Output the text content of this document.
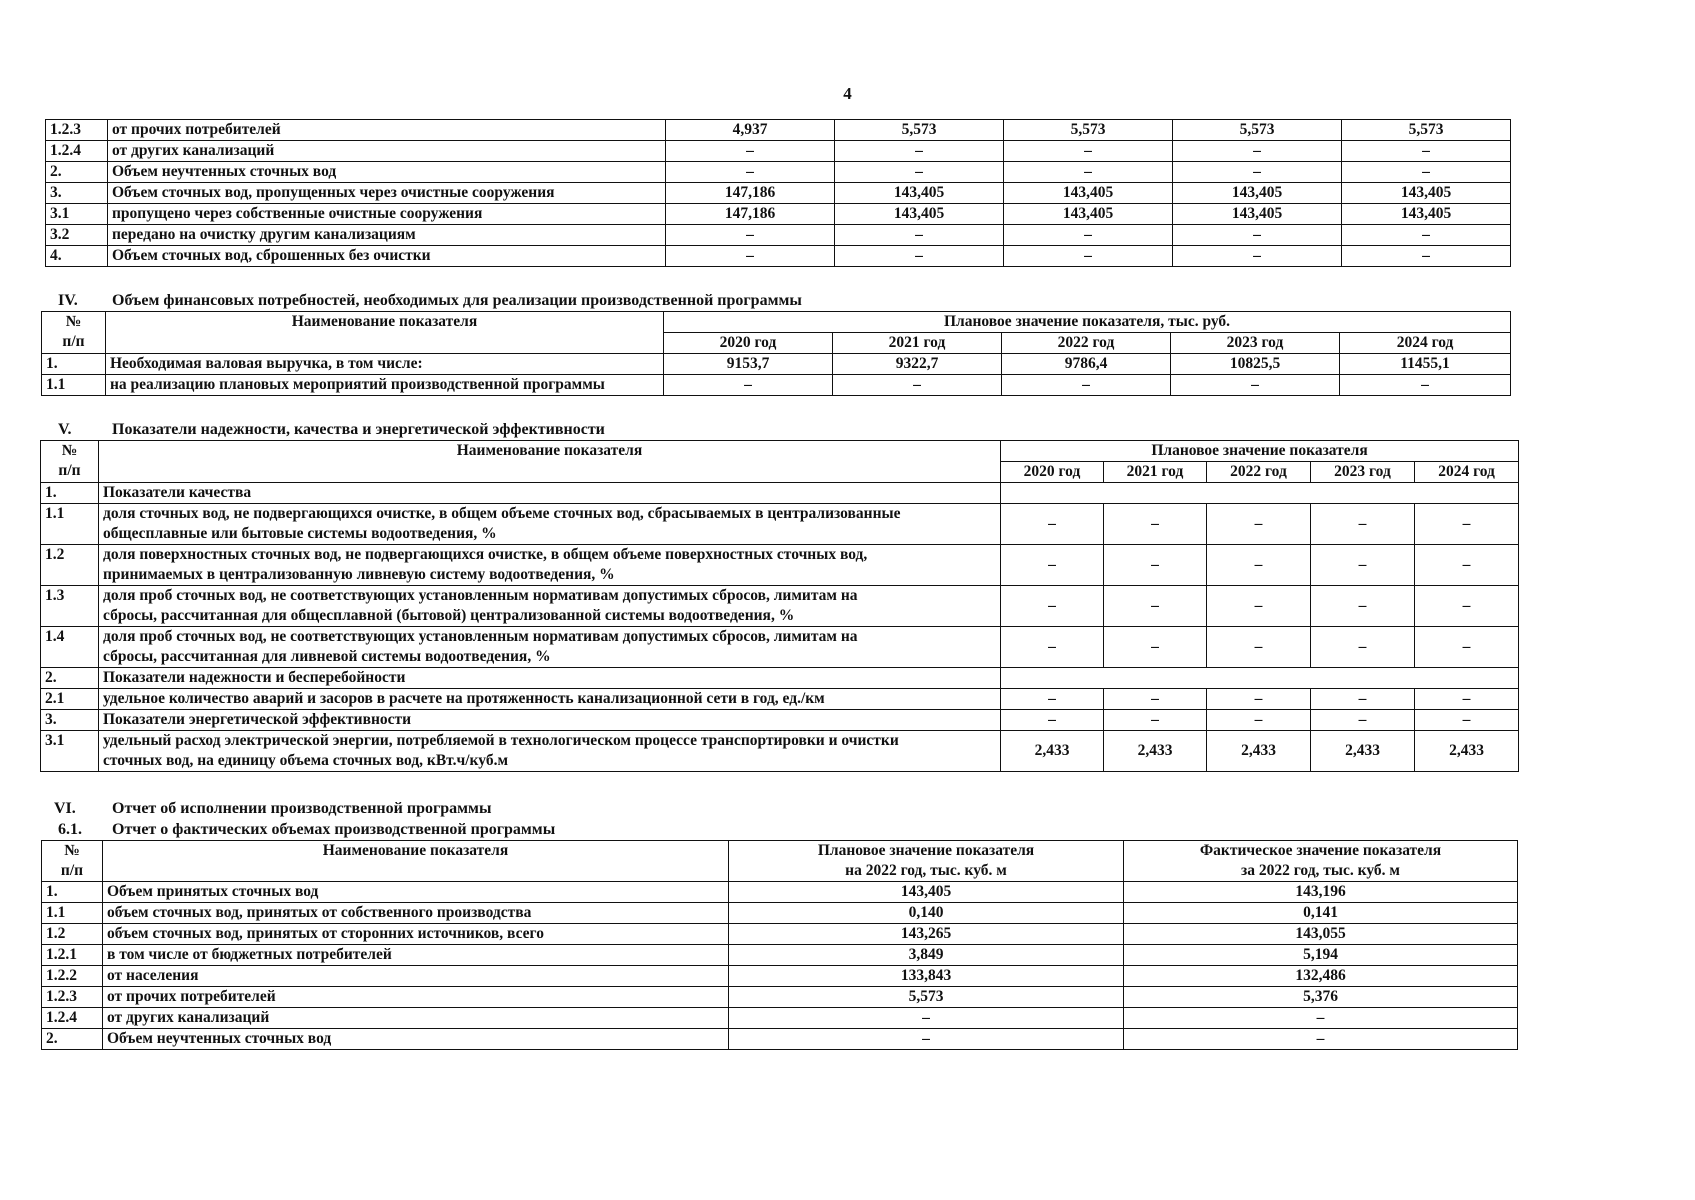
4
1.2.3	от прочих потребителей	4,937	5,573	5,573	5,573	5,573
1.2.4	от других канализаций	–	–	–	–	–
2.	Объем неучтенных сточных вод	–	–	–	–	–
3.	Объем сточных вод, пропущенных через очистные сооружения	147,186	143,405	143,405	143,405	143,405
3.1	пропущено через собственные очистные сооружения	147,186	143,405	143,405	143,405	143,405
3.2	передано на очистку другим канализациям	–	–	–	–	–
4.	Объем сточных вод, сброшенных без очистки	–	–	–	–	–
IV. Объем финансовых потребностей, необходимых для реализации производственной программы
№
п/п	Наименование показателя	Плановое значение показателя, тыс. руб.				
		2020 год	2021 год	2022 год	2023 год	2024 год
1.	Необходимая валовая выручка, в том числе:	9153,7	9322,7	9786,4	10825,5	11455,1
1.1	на реализацию плановых мероприятий производственной программы	–	–	–	–	–
V.	Показатели надежности, качества и энергетической эффективности
№
п/п	Наименование показателя	Плановое значение показателя				
		2020 год	2021 год	2022 год	2023 год	2024 год
1.	Показатели качества					
1.1	доля сточных вод, не подвергающихся очистке, в общем объеме сточных вод, сбрасываемых в централизованные
общесплавные или бытовые системы водоотведения, %	–	–	–	–	–
1.2	доля поверхностных сточных вод, не подвергающихся очистке, в общем объеме поверхностных сточных вод,
принимаемых в централизованную ливневую систему водоотведения, %	–	–	–	–	–
1.3	доля проб сточных вод, не соответствующих установленным нормативам допустимых сбросов, лимитам на
сбросы, рассчитанная для общесплавной (бытовой) централизованной системы водоотведения, %	–	–	–	–	–
1.4	доля проб сточных вод, не соответствующих установленным нормативам допустимых сбросов, лимитам на
сбросы, рассчитанная для ливневой системы водоотведения, %	–	–	–	–	–
2.	Показатели надежности и бесперебойности					
2.1	удельное количество аварий и засоров в расчете на протяженность канализационной сети в год, ед./км	–	–	–	–	–
3.	Показатели энергетической эффективности	–	–	–	–	–
3.1	удельный расход электрической энергии, потребляемой в технологическом процессе транспортировки и очистки
сточных вод, на единицу объема сточных вод, кВт.ч/куб.м	2,433	2,433	2,433	2,433	2,433
VI. Отчет об исполнении производственной программы
6.1. Отчет о фактических объемах производственной программы
№
п/п	Наименование показателя	Плановое значение показателя
на 2022 год, тыс. куб. м	Фактическое значение показателя
за 2022 год, тыс. куб. м
1.	Объем принятых сточных вод	143,405	143,196
1.1	объем сточных вод, принятых от собственного производства	0,140	0,141
1.2	объем сточных вод, принятых от сторонних источников, всего	143,265	143,055
1.2.1	в том числе от бюджетных потребителей	3,849	5,194
1.2.2	от населения	133,843	132,486
1.2.3	от прочих потребителей	5,573	5,376
1.2.4	от других канализаций	–	–
2.	Объем неучтенных сточных вод	–	–
